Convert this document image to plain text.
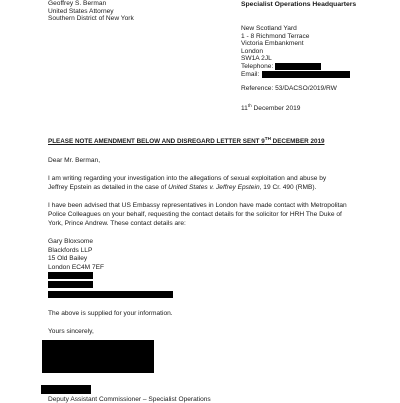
Geoffrey S. Berman
United States Attorney
Southern District of New York
Specialist Operations Headquarters
New Scotland Yard
1 - 8 Richmond Terrace
Victoria Embankment
London
SW1A 2JL
Telephone:
Email:
Reference: 53/DACSO/2019/RW
11th December 2019
PLEASE NOTE AMENDMENT BELOW AND DISREGARD LETTER SENT 9TH DECEMBER 2019
Dear Mr. Berman,
I am writing regarding your investigation into the allegations of sexual exploitation and abuse by
Jeffrey Epstein as detailed in the case of United States v. Jeffrey Epstein, 19 Cr. 490 (RMB).
I have been advised that US Embassy representatives in London have made contact with Metropolitan
Police Colleagues on your behalf, requesting the contact details for the solicitor for HRH The Duke of
York, Prince Andrew. These contact details are:
Gary Bloxsome
Blackfords LLP
15 Old Bailey
London EC4M 7EF
The above is supplied for your information.
Yours sincerely,
Deputy Assistant Commissioner – Specialist Operations
